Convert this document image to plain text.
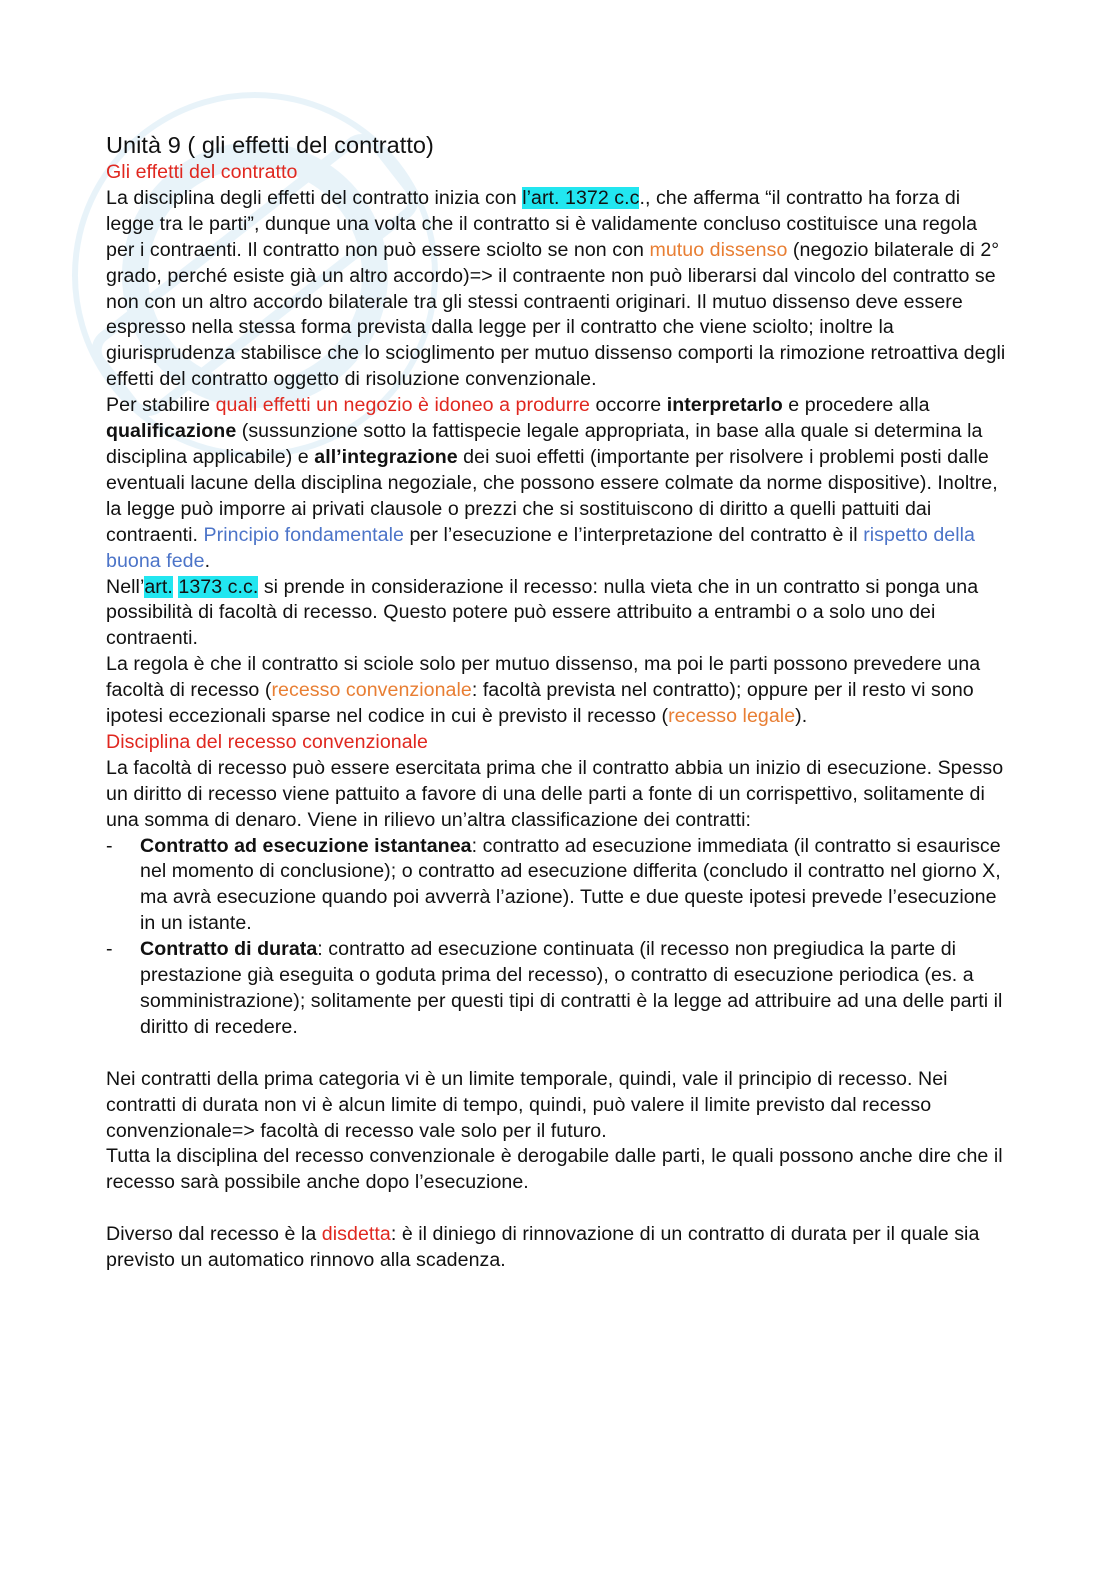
Unità 9 ( gli effetti del contratto)

Gli effetti del contratto

La disciplina degli effetti del contratto inizia con l’art. 1372 c.c., che afferma “il contratto ha forza di legge tra le parti”, dunque una volta che il contratto si è validamente concluso costituisce una regola per i contraenti. Il contratto non può essere sciolto se non con mutuo dissenso (negozio bilaterale di 2° grado, perché esiste già un altro accordo)=> il contraente non può liberarsi dal vincolo del contratto se non con un altro accordo bilaterale tra gli stessi contraenti originari. Il mutuo dissenso deve essere espresso nella stessa forma prevista dalla legge per il contratto che viene sciolto; inoltre la giurisprudenza stabilisce che lo scioglimento per mutuo dissenso comporti la rimozione retroattiva degli effetti del contratto oggetto di risoluzione convenzionale.

Per stabilire quali effetti un negozio è idoneo a produrre occorre interpretarlo e procedere alla qualificazione (sussunzione sotto la fattispecie legale appropriata, in base alla quale si determina la disciplina applicabile) e all’integrazione dei suoi effetti (importante per risolvere i problemi posti dalle eventuali lacune della disciplina negoziale, che possono essere colmate da norme dispositive). Inoltre, la legge può imporre ai privati clausole o prezzi che si sostituiscono di diritto a quelli pattuiti dai contraenti. Principio fondamentale per l’esecuzione e l’interpretazione del contratto è il rispetto della buona fede.

Nell’art. 1373 c.c. si prende in considerazione il recesso: nulla vieta che in un contratto si ponga una possibilità di facoltà di recesso. Questo potere può essere attribuito a entrambi o a solo uno dei contraenti.

La regola è che il contratto si sciole solo per mutuo dissenso, ma poi le parti possono prevedere una facoltà di recesso (recesso convenzionale: facoltà prevista nel contratto); oppure per il resto vi sono ipotesi eccezionali sparse nel codice in cui è previsto il recesso (recesso legale).

Disciplina del recesso convenzionale

La facoltà di recesso può essere esercitata prima che il contratto abbia un inizio di esecuzione. Spesso un diritto di recesso viene pattuito a favore di una delle parti a fonte di un corrispettivo, solitamente di una somma di denaro. Viene in rilievo un’altra classificazione dei contratti:

- Contratto ad esecuzione istantanea: contratto ad esecuzione immediata (il contratto si esaurisce nel momento di conclusione); o contratto ad esecuzione differita (concludo il contratto nel giorno X, ma avrà esecuzione quando poi avverrà l’azione). Tutte e due queste ipotesi prevede l’esecuzione in un istante.
- Contratto di durata: contratto ad esecuzione continuata (il recesso non pregiudica la parte di prestazione già eseguita o goduta prima del recesso), o contratto di esecuzione periodica (es. a somministrazione); solitamente per questi tipi di contratti è la legge ad attribuire ad una delle parti il diritto di recedere.

Nei contratti della prima categoria vi è un limite temporale, quindi, vale il principio di recesso. Nei contratti di durata non vi è alcun limite di tempo, quindi, può valere il limite previsto dal recesso convenzionale=> facoltà di recesso vale solo per il futuro.

Tutta la disciplina del recesso convenzionale è derogabile dalle parti, le quali possono anche dire che il recesso sarà possibile anche dopo l’esecuzione.

Diverso dal recesso è la disdetta: è il diniego di rinnovazione di un contratto di durata per il quale sia previsto un automatico rinnovo alla scadenza.
